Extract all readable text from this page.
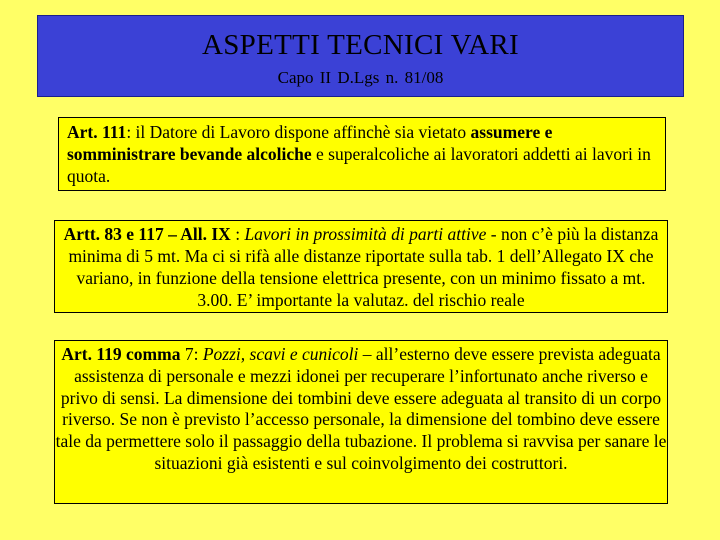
ASPETTI TECNICI VARI
Capo II D.Lgs n. 81/08
Art. 111: il Datore di Lavoro dispone affinchè sia vietato assumere e somministrare bevande alcoliche e superalcoliche ai lavoratori addetti ai lavori in quota.
Artt. 83 e 117 – All. IX : Lavori in prossimità di parti attive - non c’è più la distanza minima di 5 mt. Ma ci si rifà alle distanze riportate sulla tab. 1 dell’Allegato IX che variano, in funzione della tensione elettrica presente, con un minimo fissato a mt. 3.00. E’ importante la valutaz. del rischio reale
Art. 119 comma 7: Pozzi, scavi e cunicoli – all’esterno deve essere prevista adeguata assistenza di personale e mezzi idonei per recuperare l’infortunato anche riverso e privo di sensi. La dimensione dei tombini deve essere adeguata al transito di un corpo riverso. Se non è previsto l’accesso personale, la dimensione del tombino deve essere tale da permettere solo il passaggio della tubazione. Il problema si ravvisa per sanare le situazioni già esistenti e sul coinvolgimento dei costruttori.
